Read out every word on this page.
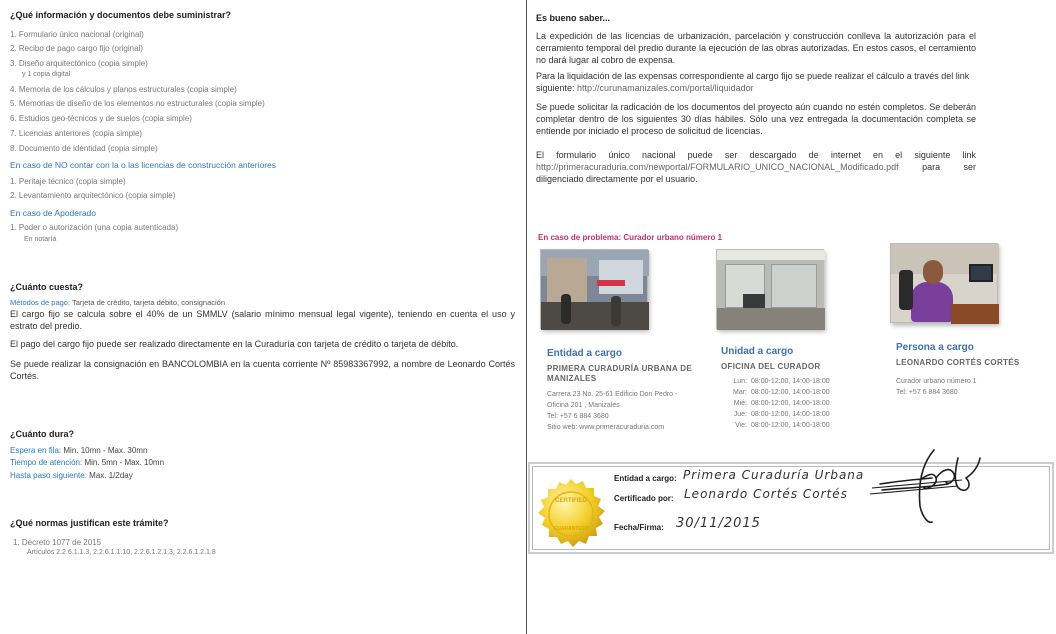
¿Qué información y documentos debe suministrar?
1. Formulario único nacional (original)
2. Recibo de pago cargo fijo (original)
3. Diseño arquitectónico (copia simple)
y 1 copia digital
4. Memoria de los cálculos y planos estructurales (copia simple)
5. Memorias de diseño de los elementos no estructurales (copia simple)
6. Estudios geo-técnicos y de suelos (copia simple)
7. Licencias anteriores (copia simple)
8. Documento de identidad (copia simple)
En caso de NO contar con la o las licencias de construcción anteriores
1. Peritaje técnico (copia simple)
2. Levantamiento arquitectónico (copia simple)
En caso de Apoderado
1. Poder o autorización (una copia autenticada)
En notaría
¿Cuánto cuesta?
Métodos de pago: Tarjeta de crédito, tarjeta débito, consignación
El cargo fijo se calcula sobre el 40% de un SMMLV (salario mínimo mensual legal vigente), teniendo en cuenta el uso y estrato del predio.
El pago del cargo fijo puede ser realizado directamente en la Curaduría con tarjeta de crédito o tarjeta de débito.
Se puede realizar la consignación en BANCOLOMBIA en la cuenta corriente Nº 85983367992, a nombre de Leonardo Cortés Cortés.
¿Cuánto dura?
Espera en fila: Min. 10mn - Max. 30mn
Tiempo de atención: Min. 5mn - Max. 10mn
Hasta paso siguiente: Max. 1/2day
¿Qué normas justifican este trámite?
1. Decreto 1077 de 2015
Artículos 2.2.6.1.1.3, 2.2.6.1.1.10, 2.2.6.1.2.1.3, 2.2.6.1.2.1.8
Es bueno saber...
La expedición de las licencias de urbanización, parcelación y construcción conlleva la autorización para el cerramiento temporal del predio durante la ejecución de las obras autorizadas. En estos casos, el cerramiento no dará lugar al cobro de expensa.
Para la liquidación de las expensas correspondiente al cargo fijo se puede realizar el cálculo a través del link siguiente: http://curunamanizales.com/portal/liquidador
Se puede solicitar la radicación de los documentos del proyecto aún cuando no estén completos. Se deberán completar dentro de los siguientes 30 días hábiles. Sólo una vez entregada la documentación completa se entiende por iniciado el proceso de solicitud de licencias.
El formulario único nacional puede ser descargado de internet en el siguiente link http://primeracuraduria.com/newportal/FORMULARIO_UNICO_NACIONAL_Modificado.pdf	para ser diligenciado directamente por el usuario.
En caso de problema: Curador urbano número 1
Entidad a cargo
PRIMERA CURADURÍA URBANA DE MANIZALES
Carrera 23 No. 25-61 Edificio Don Pedro -
Oficina 201 , Manizales
Tel: +57 6 884 3680
Sitio web: www.primeracuraduria.com
Unidad a cargo
OFICINA DEL CURADOR
Lun: 08:00-12:00, 14:00-18:00
Mar: 08:00-12:00, 14:00-18:00
Mié: 08:00-12:00, 14:00-18:00
Jue: 08:00-12:00, 14:00-18:00
Vie: 08:00-12:00, 14:00-18:00
Persona a cargo
LEONARDO CORTÉS CORTÉS
Curador urbano número 1
Tel: +57 6 884 3680
CERTIFIED
GUARANTEED
Entidad a cargo: Primera Curaduría Urbana
Certificado por: Leonardo Cortés Cortés
Fecha/Firma: 30/11/2015
